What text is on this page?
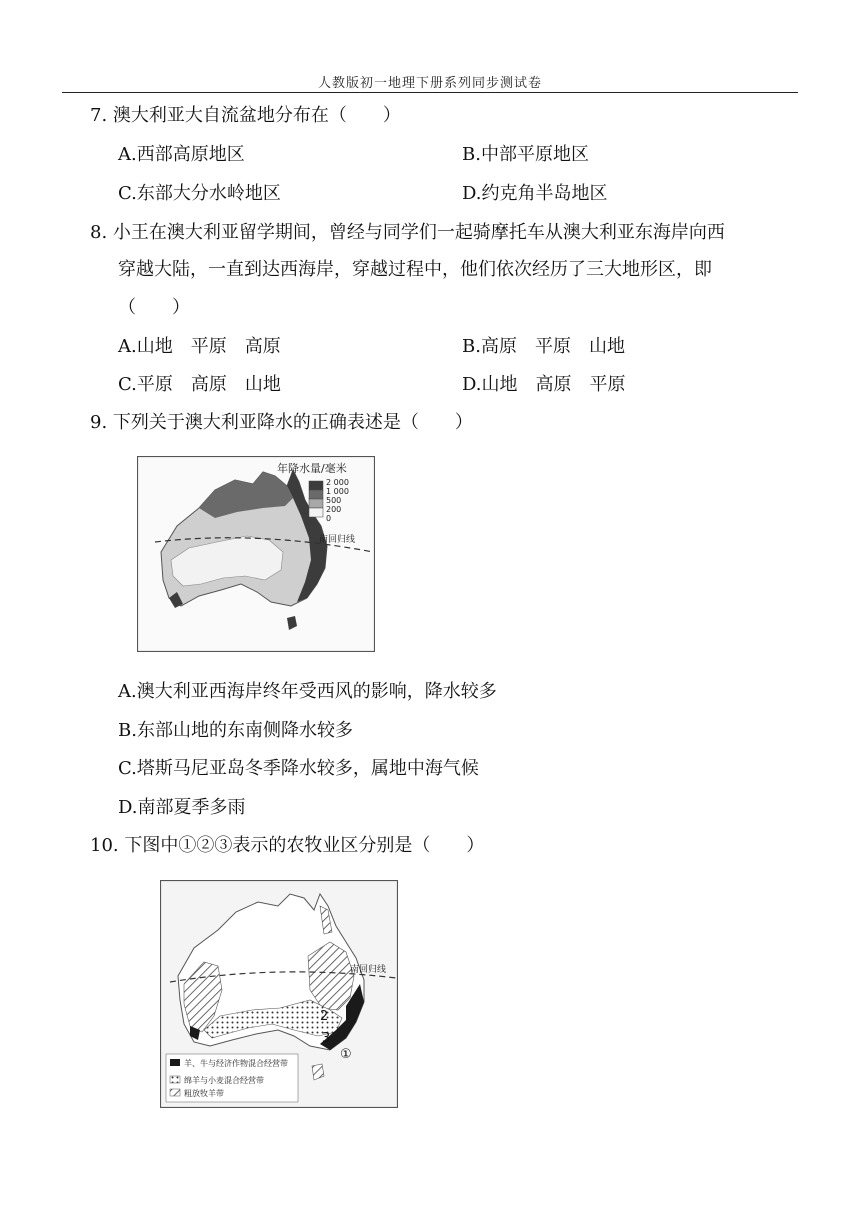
人教版初一地理下册系列同步测试卷
7. 澳大利亚大自流盆地分布在（　　）
A.西部高原地区	B.中部平原地区
C.东部大分水岭地区	D.约克角半岛地区
8. 小王在澳大利亚留学期间，曾经与同学们一起骑摩托车从澳大利亚东海岸向西
穿越大陆，一直到达西海岸，穿越过程中，他们依次经历了三大地形区，即
（　　）
A.山地　平原　高原	B.高原　平原　山地
C.平原　高原　山地	D.山地　高原　平原
9. 下列关于澳大利亚降水的正确表述是（　　）
南回归线
年降水量/毫米
2 000
1 000
500
200
0
A.澳大利亚西海岸终年受西风的影响，降水较多
B.东部山地的东南侧降水较多
C.塔斯马尼亚岛冬季降水较多，属地中海气候
D.南部夏季多雨
10. 下图中①②③表示的农牧业区分别是（　　）
南回归线
2
3
①
羊、牛与经济作物混合经营带
绵羊与小麦混合经营带
粗放牧羊带
